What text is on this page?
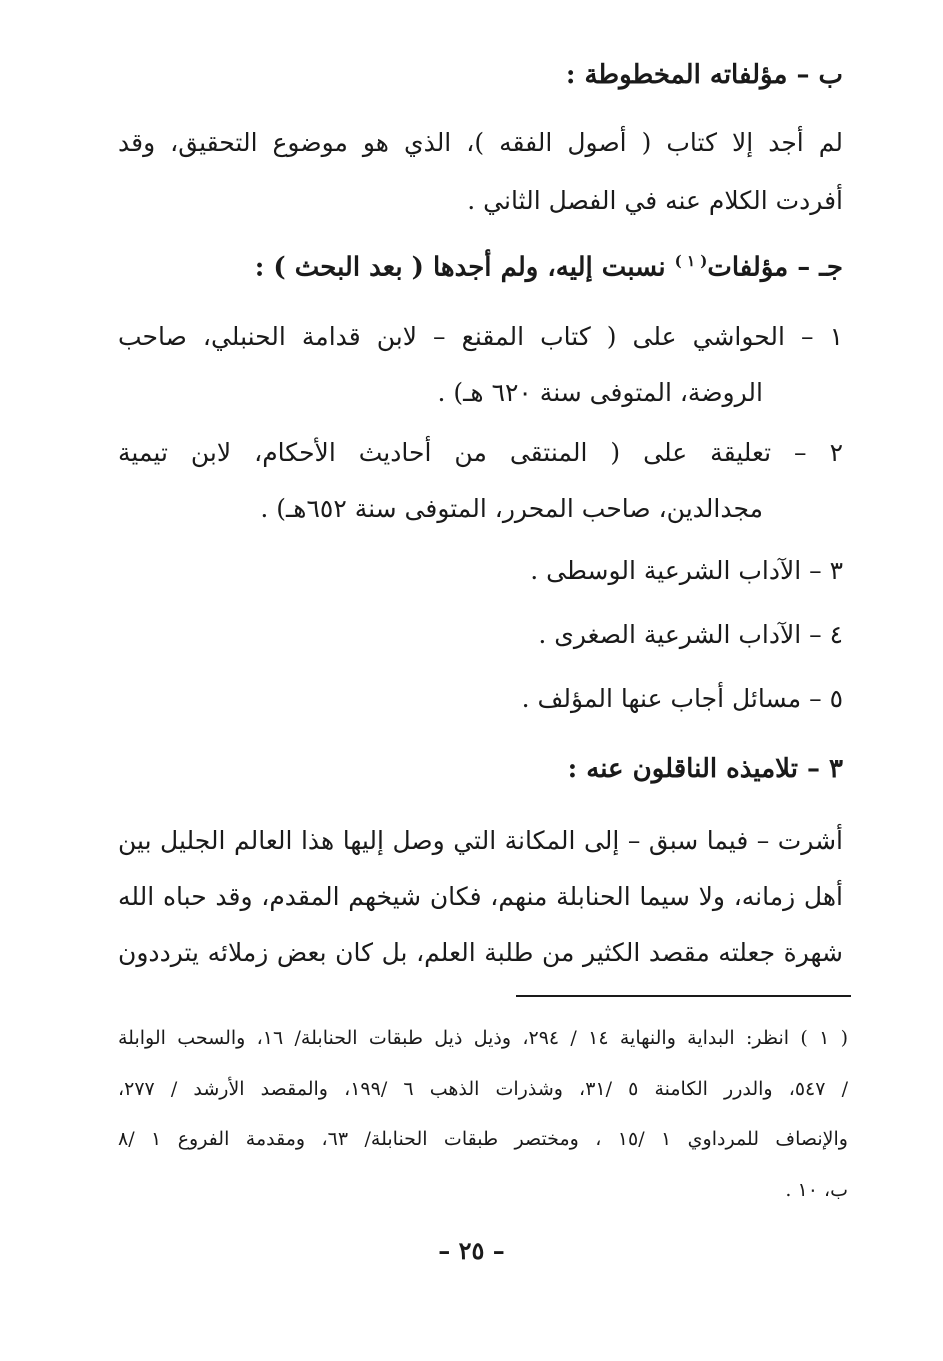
ب – مؤلفاته المخطوطة :
لم أجد إلا كتاب ( أصول الفقه )، الذي هو موضوع التحقيق، وقد
أفردت الكلام عنه في الفصل الثاني .
جـ – مؤلفات$^{( ١ )}$ نسبت إليه، ولم أجدها ( بعد البحث ) :
١ – الحواشي على ( كتاب المقنع – لابن قدامة الحنبلي، صاحب
الروضة، المتوفى سنة ٦٢٠ هـ) .
٢ – تعليقة على ( المنتقى من أحاديث الأحكام، لابن تيمية
مجدالدين، صاحب المحرر، المتوفى سنة ٦٥٢هـ) .
٣ – الآداب الشرعية الوسطى .
٤ – الآداب الشرعية الصغرى .
٥ – مسائل أجاب عنها المؤلف .
٣ – تلاميذه الناقلون عنه :
أشرت – فيما سبق – إلى المكانة التي وصل إليها هذا العالم الجليل بين
أهل زمانه، ولا سيما الحنابلة منهم، فكان شيخهم المقدم، وقد حباه الله
شهرة جعلته مقصد الكثير من طلبة العلم، بل كان بعض زملائه يترددون
( ١ ) انظر: البداية والنهاية ١٤ / ٢٩٤، وذيل ذيل طبقات الحنابلة/ ١٦، والسحب الوابلة
/ ٥٤٧، والدرر الكامنة ٥ /٣١، وشذرات الذهب ٦ /١٩٩، والمقصد الأرشد / ٢٧٧،
والإنصاف للمرداوي ١ /١٥ ، ومختصر طبقات الحنابلة/ ٦٣، ومقدمة الفروع ١ /٨
ب، ١٠ .
– ٢٥ –
